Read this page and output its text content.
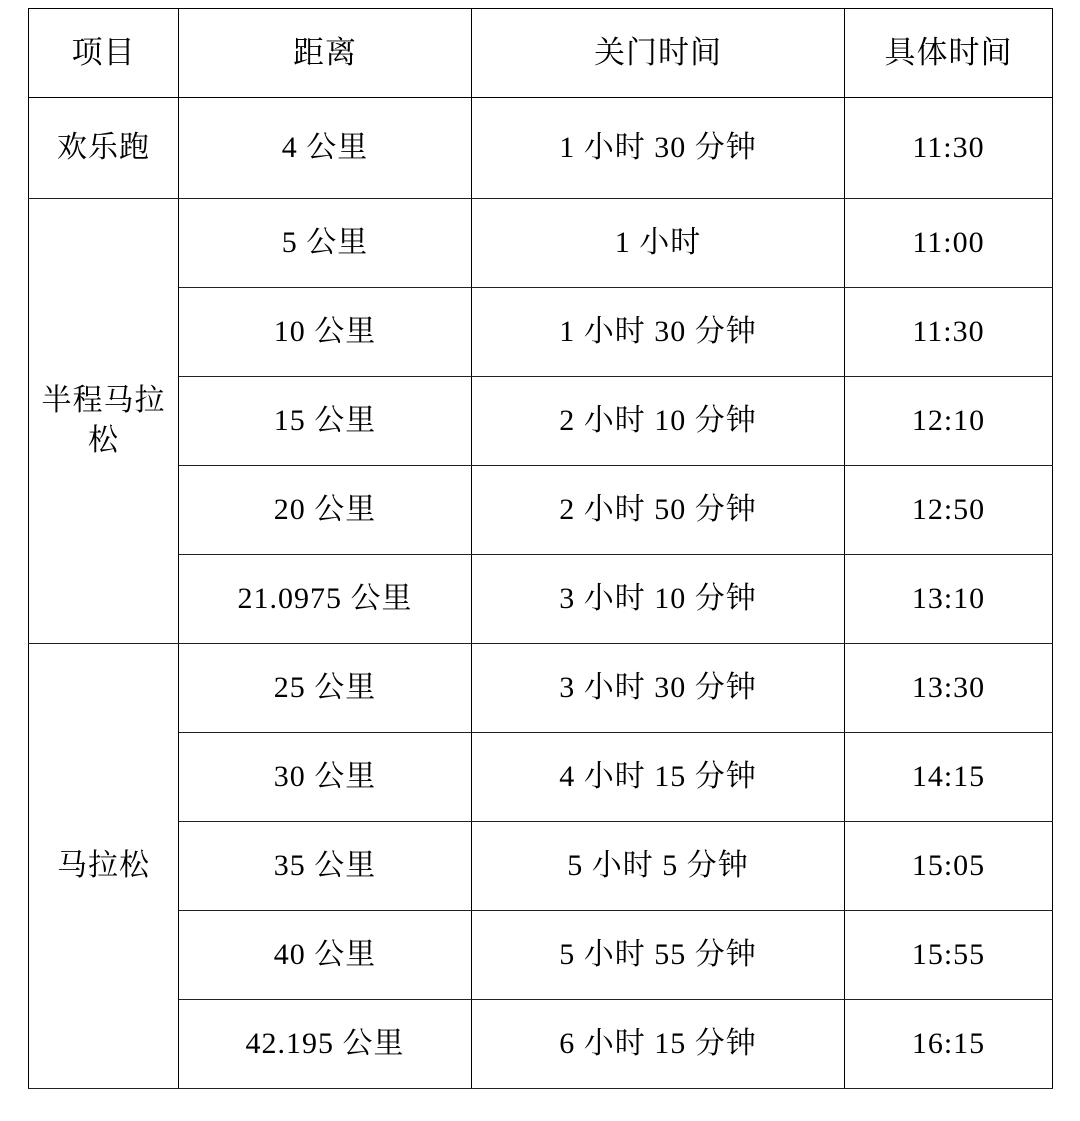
项目	距离	关门时间	具体时间
欢乐跑	4 公里	1 小时 30 分钟	11:30
半程马拉松	5 公里	1 小时	11:00
	10 公里	1 小时 30 分钟	11:30
	15 公里	2 小时 10 分钟	12:10
	20 公里	2 小时 50 分钟	12:50
	21.0975 公里	3 小时 10 分钟	13:10
马拉松	25 公里	3 小时 30 分钟	13:30
	30 公里	4 小时 15 分钟	14:15
	35 公里	5 小时 5 分钟	15:05
	40 公里	5 小时 55 分钟	15:55
	42.195 公里	6 小时 15 分钟	16:15
